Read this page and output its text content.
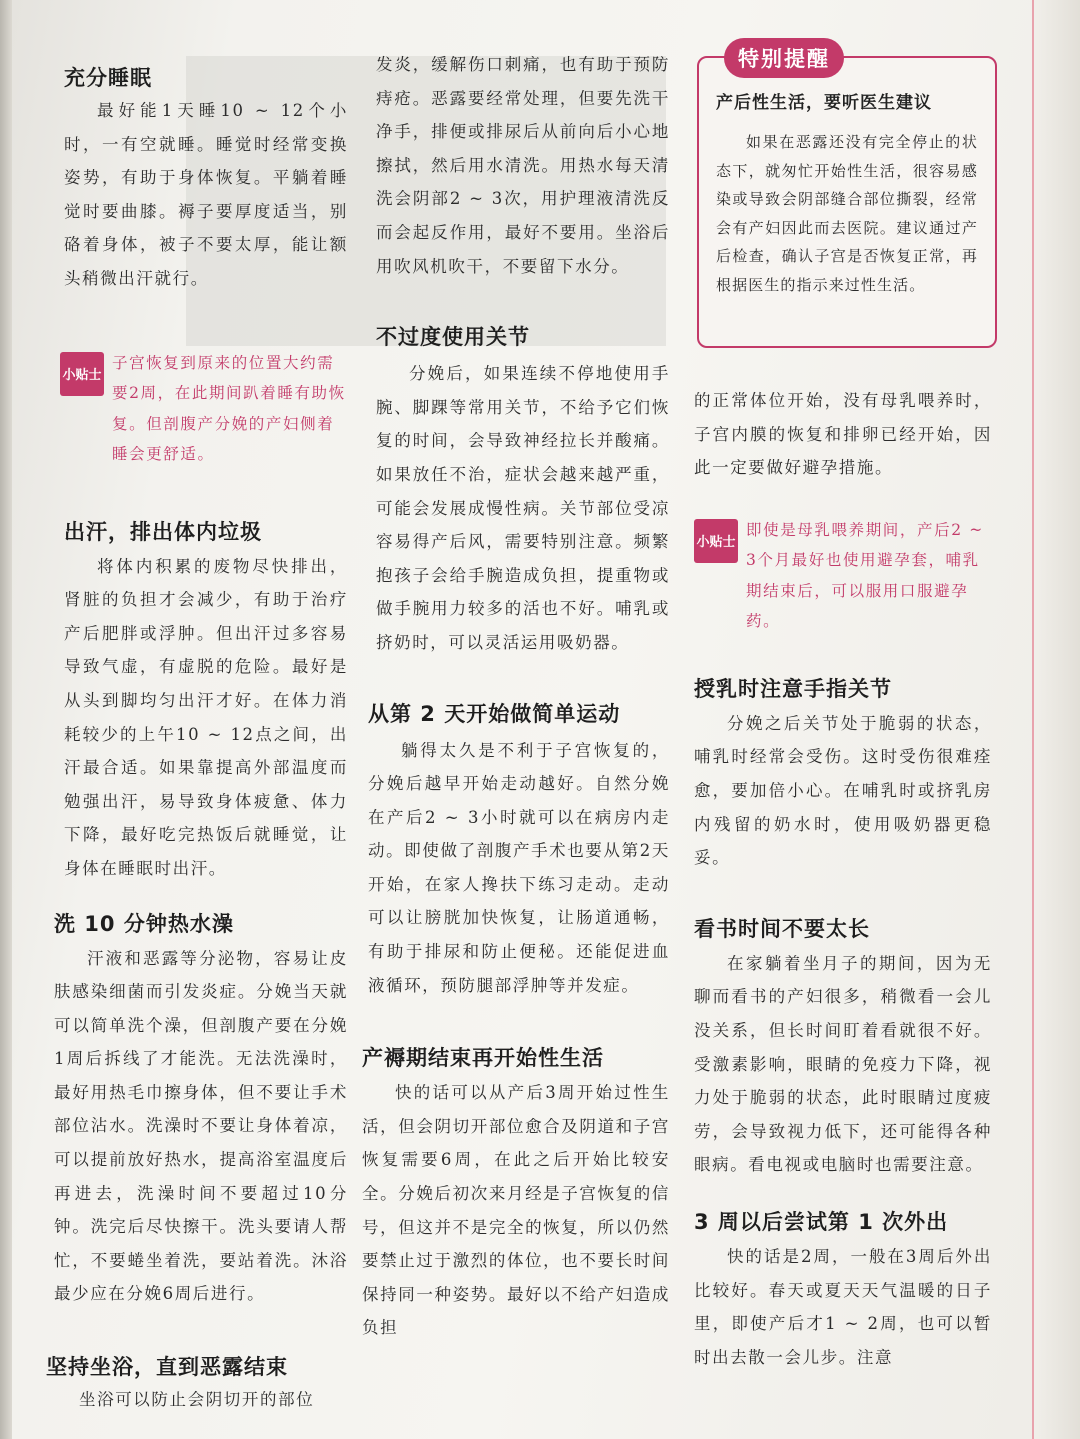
充分睡眠

最好能1天睡10 ~ 12个小时，一有空就睡。睡觉时经常变换姿势，有助于身体恢复。平躺着睡觉时要曲膝。褥子要厚度适当，别硌着身体，被子不要太厚，能让额头稍微出汗就行。

小贴士

子宫恢复到原来的位置大约需要2周，在此期间趴着睡有助恢复。但剖腹产分娩的产妇侧着睡会更舒适。

出汗，排出体内垃圾

将体内积累的废物尽快排出，肾脏的负担才会减少，有助于治疗产后肥胖或浮肿。但出汗过多容易导致气虚，有虚脱的危险。最好是从头到脚均匀出汗才好。在体力消耗较少的上午10 ~ 12点之间，出汗最合适。如果靠提高外部温度而勉强出汗，易导致身体疲惫、体力下降，最好吃完热饭后就睡觉，让身体在睡眠时出汗。

洗 10 分钟热水澡

汗液和恶露等分泌物，容易让皮肤感染细菌而引发炎症。分娩当天就可以简单洗个澡，但剖腹产要在分娩1周后拆线了才能洗。无法洗澡时，最好用热毛巾擦身体，但不要让手术部位沾水。洗澡时不要让身体着凉，可以提前放好热水，提高浴室温度后再进去，洗澡时间不要超过10分钟。洗完后尽快擦干。洗头要请人帮忙，不要蜷坐着洗，要站着洗。沐浴最少应在分娩6周后进行。

坚持坐浴，直到恶露结束

坐浴可以防止会阴切开的部位

发炎，缓解伤口刺痛，也有助于预防痔疮。恶露要经常处理，但要先洗干净手，排便或排尿后从前向后小心地擦拭，然后用水清洗。用热水每天清洗会阴部2 ~ 3次，用护理液清洗反而会起反作用，最好不要用。坐浴后用吹风机吹干，不要留下水分。

不过度使用关节

分娩后，如果连续不停地使用手腕、脚踝等常用关节，不给予它们恢复的时间，会导致神经拉长并酸痛。如果放任不治，症状会越来越严重，可能会发展成慢性病。关节部位受凉容易得产后风，需要特别注意。频繁抱孩子会给手腕造成负担，提重物或做手腕用力较多的活也不好。哺乳或挤奶时，可以灵活运用吸奶器。

从第 2 天开始做简单运动

躺得太久是不利于子宫恢复的，分娩后越早开始走动越好。自然分娩在产后2 ~ 3小时就可以在病房内走动。即使做了剖腹产手术也要从第2天开始，在家人搀扶下练习走动。走动可以让膀胱加快恢复，让肠道通畅，有助于排尿和防止便秘。还能促进血液循环，预防腿部浮肿等并发症。

产褥期结束再开始性生活

快的话可以从产后3周开始过性生活，但会阴切开部位愈合及阴道和子宫恢复需要6周，在此之后开始比较安全。分娩后初次来月经是子宫恢复的信号，但这并不是完全的恢复，所以仍然要禁止过于激烈的体位，也不要长时间保持同一种姿势。最好以不给产妇造成负担

特别提醒
产后性生活，要听医生建议

如果在恶露还没有完全停止的状态下，就匆忙开始性生活，很容易感染或导致会阴部缝合部位撕裂，经常会有产妇因此而去医院。建议通过产后检查，确认子宫是否恢复正常，再根据医生的指示来过性生活。

的正常体位开始，没有母乳喂养时，子宫内膜的恢复和排卵已经开始，因此一定要做好避孕措施。

小贴士

即使是母乳喂养期间，产后2 ~ 3个月最好也使用避孕套，哺乳期结束后，可以服用口服避孕药。

授乳时注意手指关节

分娩之后关节处于脆弱的状态，哺乳时经常会受伤。这时受伤很难痊愈，要加倍小心。在哺乳时或挤乳房内残留的奶水时，使用吸奶器更稳妥。

看书时间不要太长

在家躺着坐月子的期间，因为无聊而看书的产妇很多，稍微看一会儿没关系，但长时间盯着看就很不好。受激素影响，眼睛的免疫力下降，视力处于脆弱的状态，此时眼睛过度疲劳，会导致视力低下，还可能得各种眼病。看电视或电脑时也需要注意。

3 周以后尝试第 1 次外出

快的话是2周，一般在3周后外出比较好。春天或夏天天气温暖的日子里，即使产后才1 ~ 2周，也可以暂时出去散一会儿步。注意
